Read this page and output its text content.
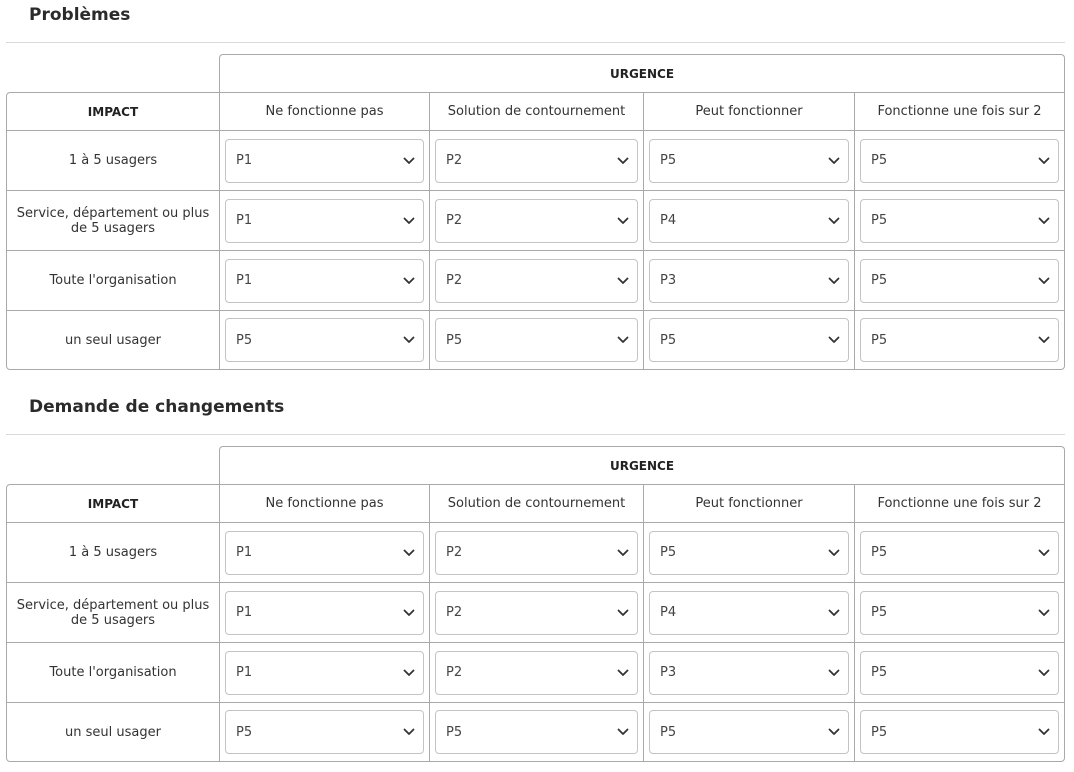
Problèmes
URGENCE
IMPACT	Ne fonctionne pas	Solution de contournement	Peut fonctionner	Fonctionne une fois sur 2
1 à 5 usagers	P1	P2	P5	P5
Service, département ou plus de 5 usagers	P1	P2	P4	P5
Toute l'organisation	P1	P2	P3	P5
un seul usager	P5	P5	P5	P5
Demande de changements
URGENCE
IMPACT	Ne fonctionne pas	Solution de contournement	Peut fonctionner	Fonctionne une fois sur 2
1 à 5 usagers	P1	P2	P5	P5
Service, département ou plus de 5 usagers	P1	P2	P4	P5
Toute l'organisation	P1	P2	P3	P5
un seul usager	P5	P5	P5	P5
